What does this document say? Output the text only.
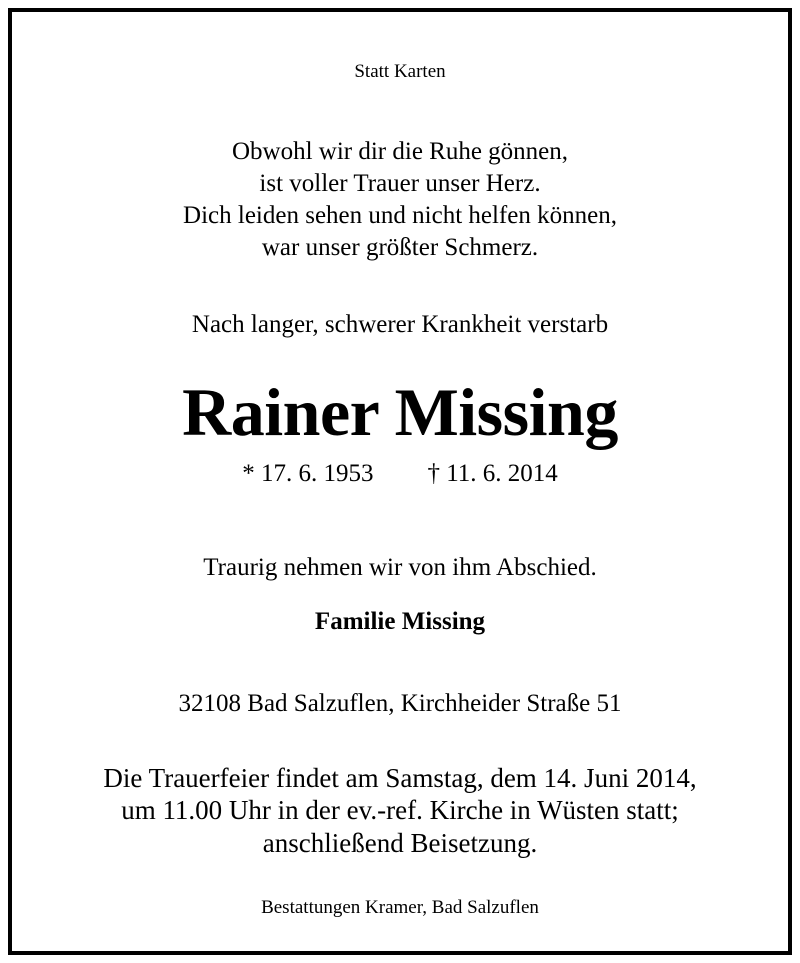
Statt Karten
Obwohl wir dir die Ruhe gönnen,
ist voller Trauer unser Herz.
Dich leiden sehen und nicht helfen können,
war unser größter Schmerz.
Nach langer, schwerer Krankheit verstarb
Rainer Missing
* 17. 6. 1953 † 11. 6. 2014
Traurig nehmen wir von ihm Abschied.
Familie Missing
32108 Bad Salzuflen, Kirchheider Straße 51
Die Trauerfeier findet am Samstag, dem 14. Juni 2014,
um 11.00 Uhr in der ev.-ref. Kirche in Wüsten statt;
anschließend Beisetzung.
Bestattungen Kramer, Bad Salzuflen
